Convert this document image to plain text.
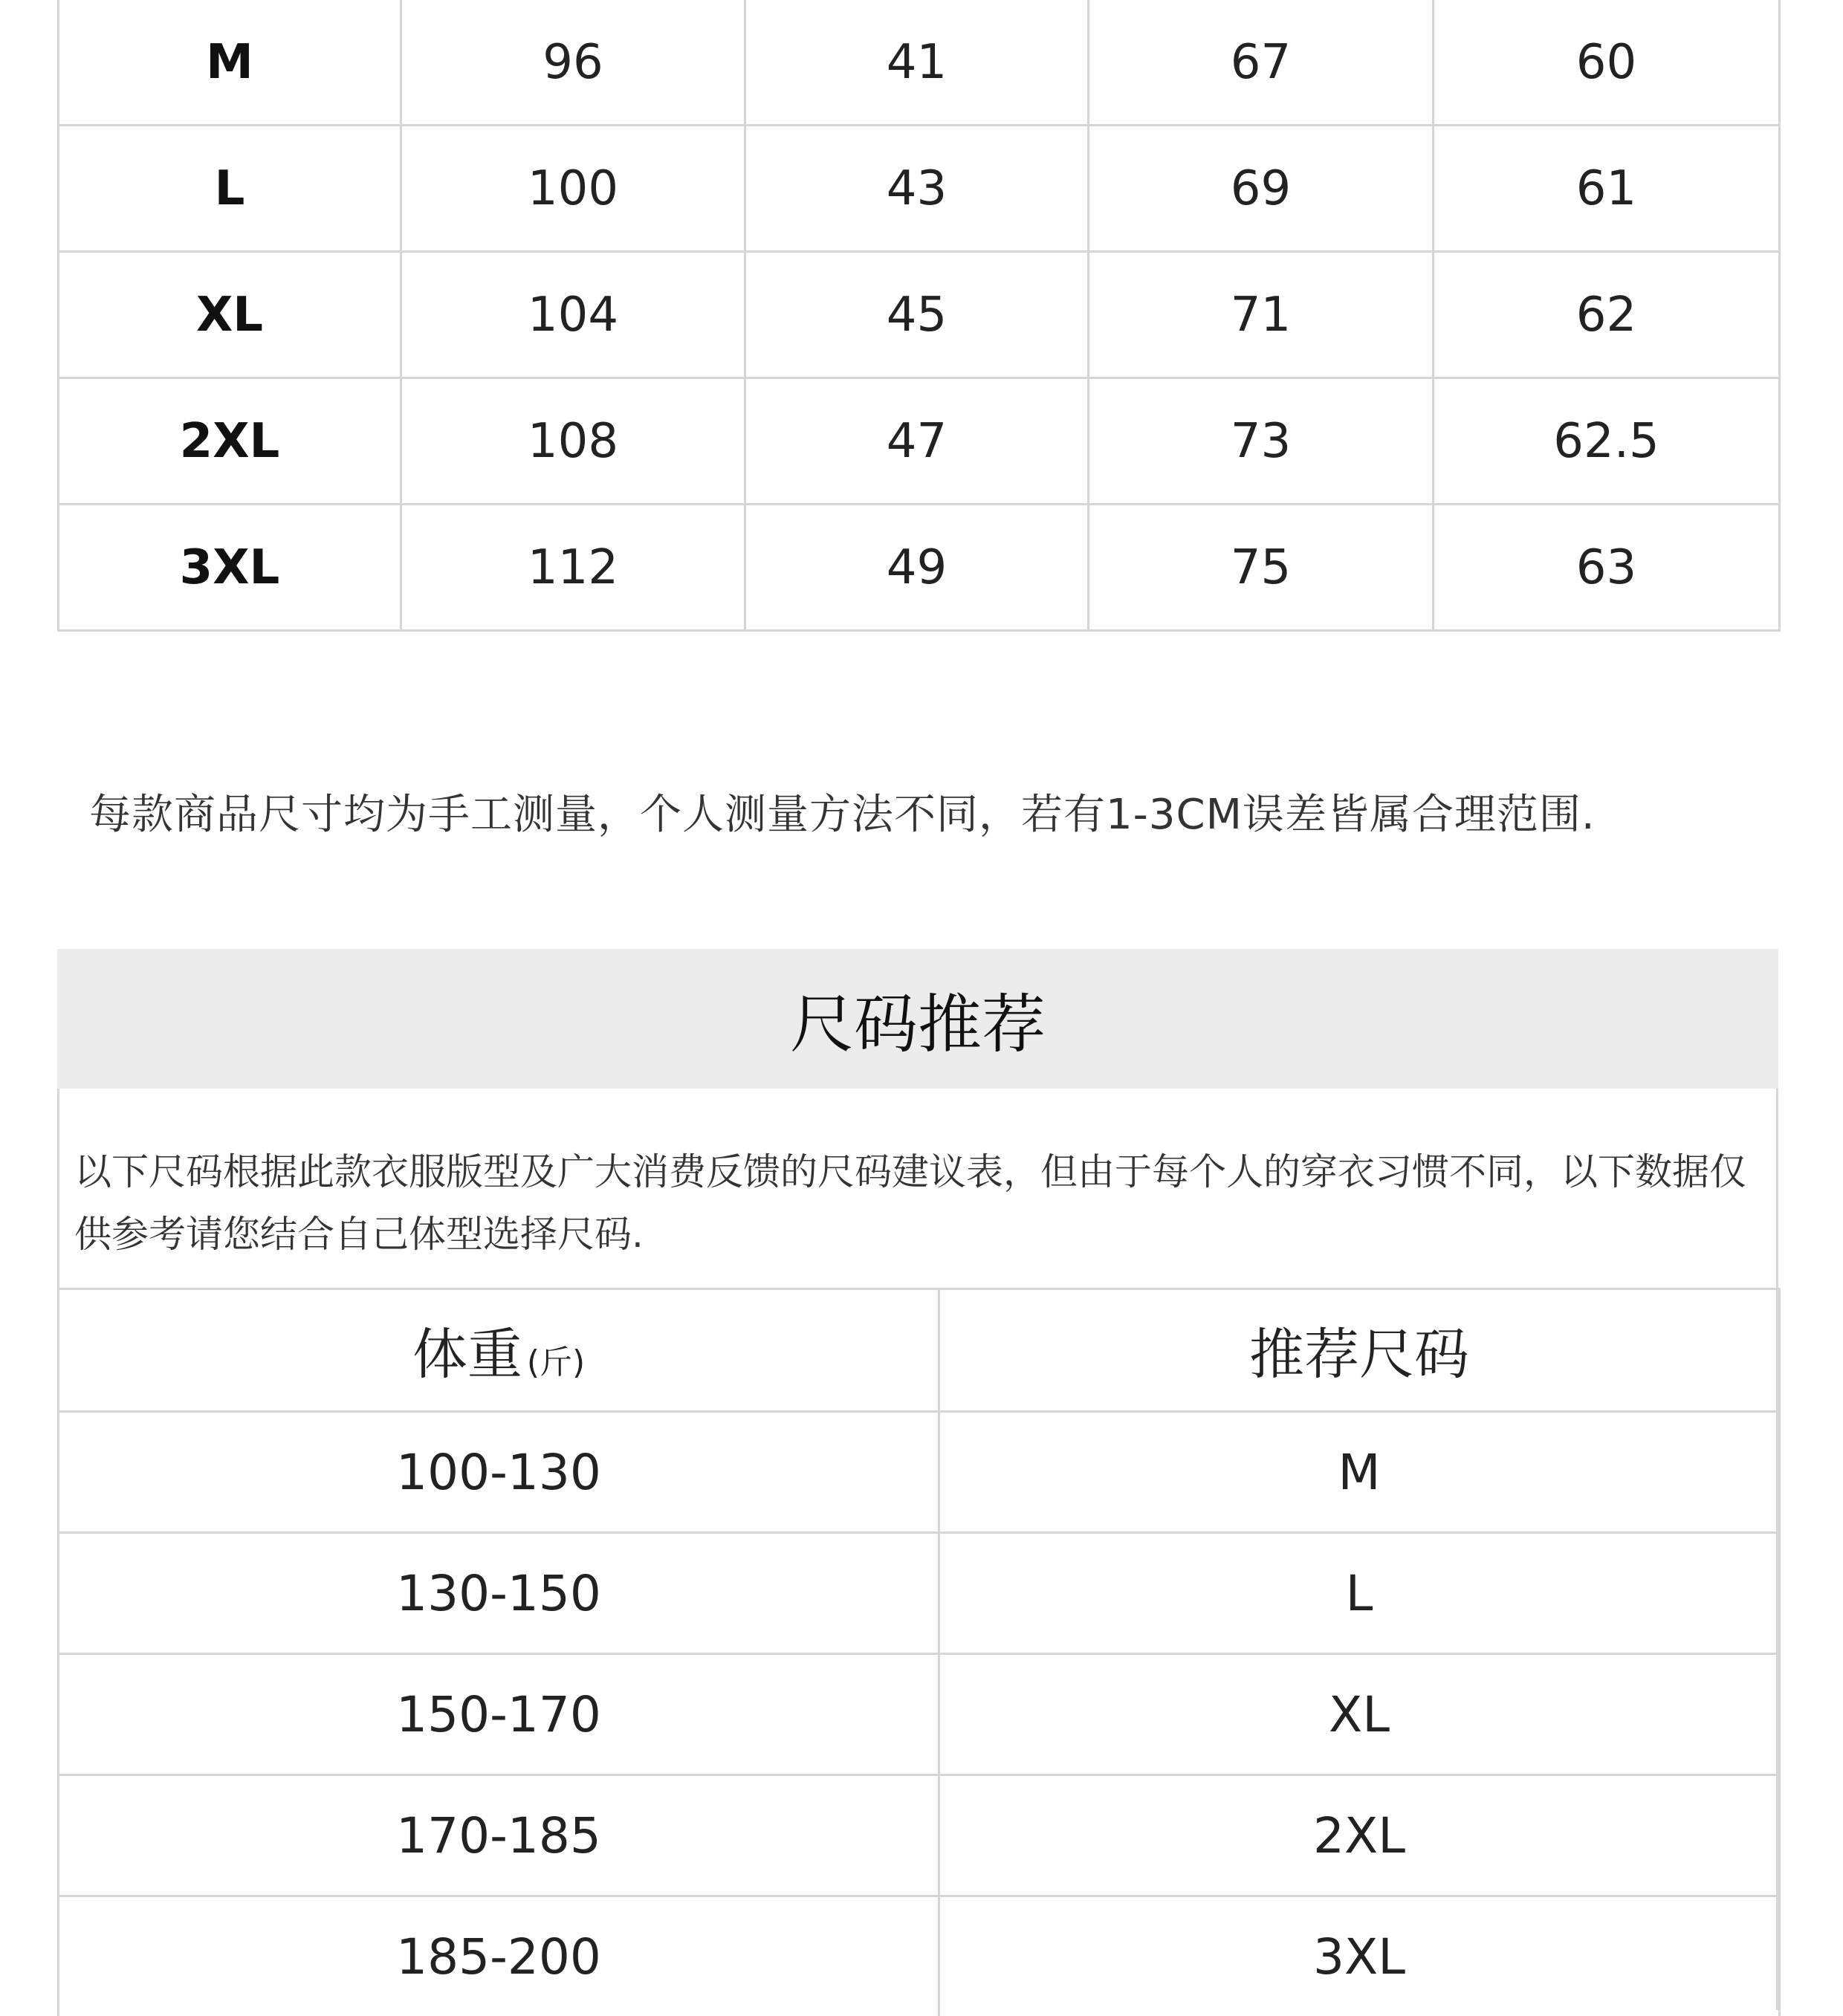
M	96	41	67	60
L	100	43	69	61
XL	104	45	71	62
2XL	108	47	73	62.5
3XL	112	49	75	63
每款商品尺寸均为手工测量，个人测量方法不同，若有1-3CM误差皆属合理范围.
尺码推荐
以下尺码根据此款衣服版型及广大消费反馈的尺码建议表，但由于每个人的穿衣习惯不同，以下数据仅供参考请您结合自己体型选择尺码.
体重 (斤)	推荐尺码
100-130	M
130-150	L
150-170	XL
170-185	2XL
185-200	3XL
